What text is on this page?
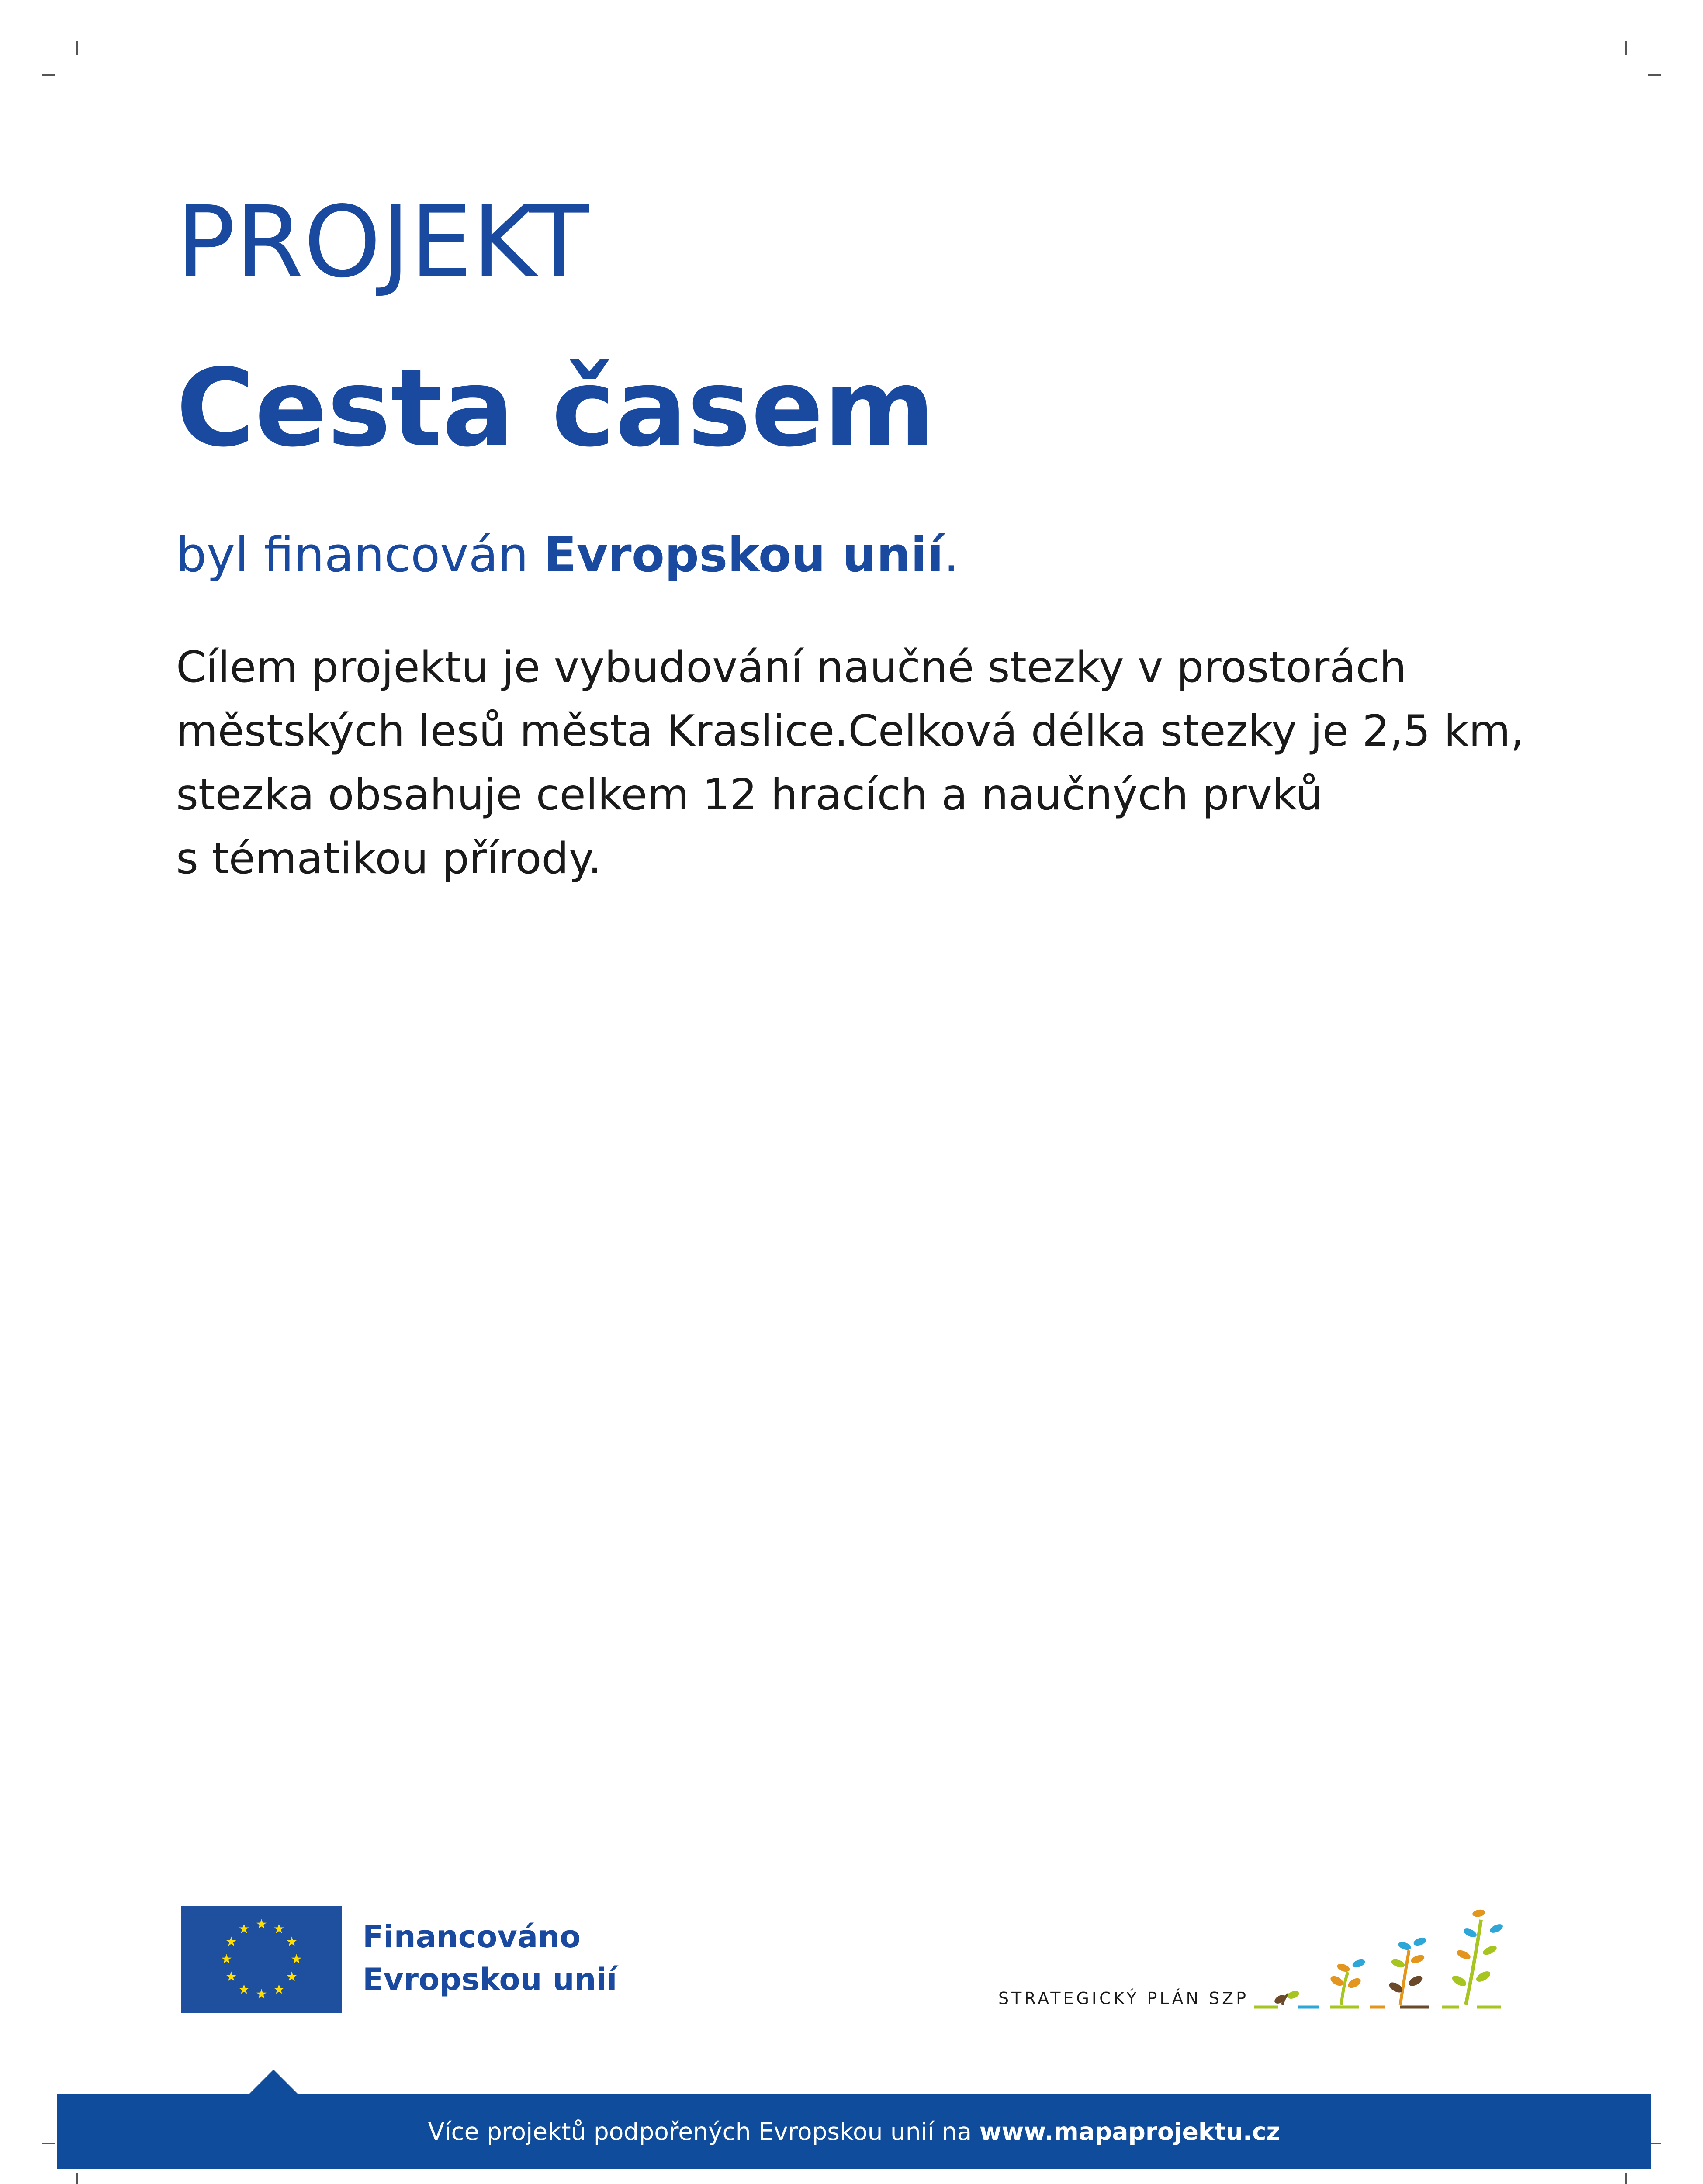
PROJEKT
Cesta časem
byl financován Evropskou unií.
Cílem projektu je vybudování naučné stezky v prostorách
městských lesů města Kraslice.Celková délka stezky je 2,5 km,
stezka obsahuje celkem 12 hracích a naučných prvků
s tématikou přírody.
Financováno
Evropskou unií
STRATEGICKÝ PLÁN SZP
Více projektů podpořených Evropskou unií na www.mapaprojektu.cz
